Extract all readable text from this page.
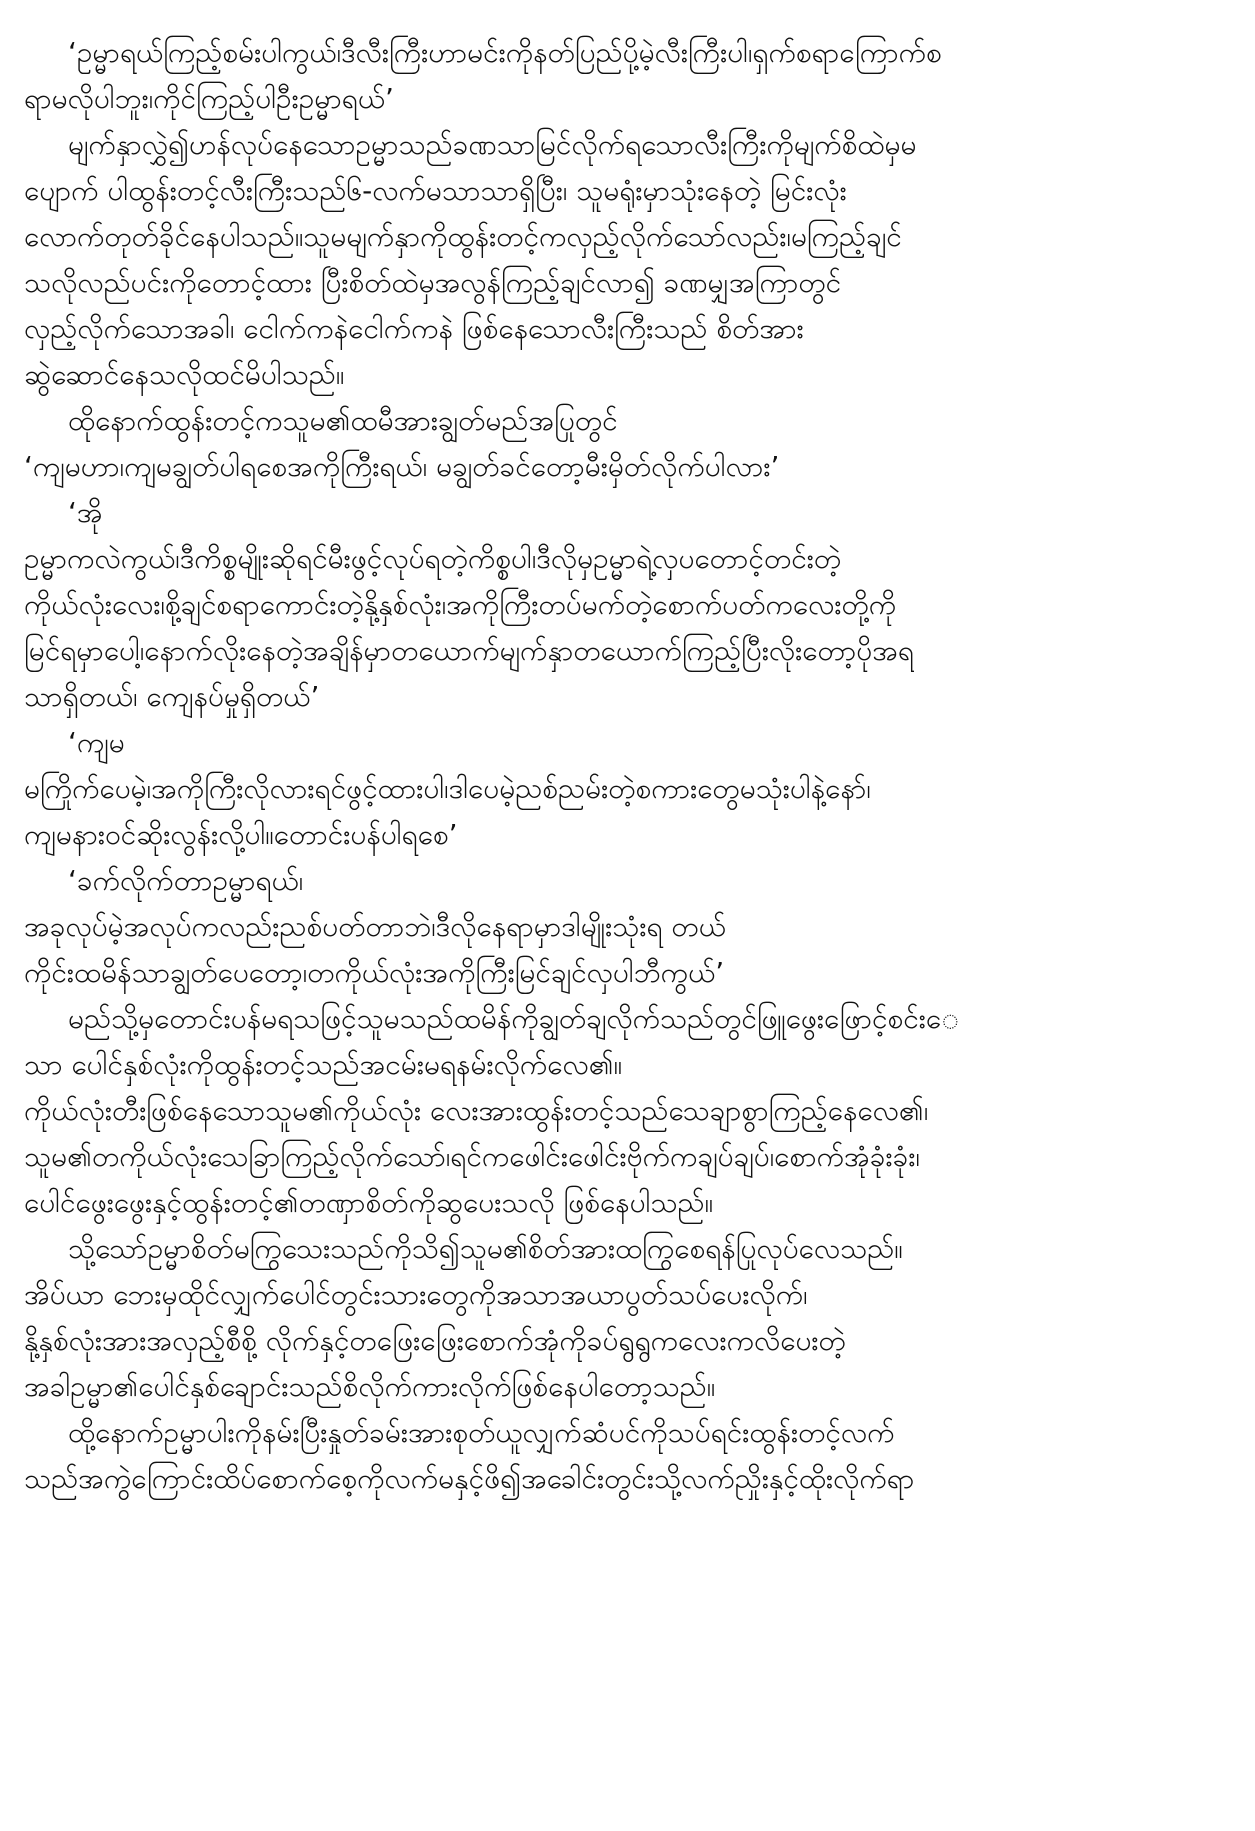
‘ဥမ္မာရယ်ကြည့်စမ်းပါကွယ်၊ဒီလီးကြီးဟာမင်းကိုနတ်ပြည်ပို့မဲ့လီးကြီးပါ၊ရှက်စရာကြောက်စ
ရာမလိုပါဘူး၊ကိုင်ကြည့်ပါဦးဥမ္မာရယ်’
မျက်နှာလွှဲ၍ဟန်လုပ်နေသောဥမ္မာသည်ခဏသာမြင်လိုက်ရသောလီးကြီးကိုမျက်စိထဲမှမ
ပျောက် ပါထွန်းတင့်လီးကြီးသည်၆-လက်မသာသာရှိပြီး၊ သူမရုံးမှာသုံးနေတဲ့ မြင်းလုံး
လောက်တုတ်ခိုင်နေပါသည်။သူမမျက်နှာကိုထွန်းတင့်ကလှည့်လိုက်သော်လည်း၊မကြည့်ချင်
သလိုလည်ပင်းကိုတောင့်ထား ပြီးစိတ်ထဲမှအလွန်ကြည့်ချင်လာ၍ ခဏမျှအကြာတွင်
လှည့်လိုက်သောအခါ၊ ငေါက်ကနဲငေါက်ကနဲ ဖြစ်နေသောလီးကြီးသည် စိတ်အား
ဆွဲဆောင်နေသလိုထင်မိပါသည်။
ထိုနောက်ထွန်းတင့်ကသူမ၏ထမီအားချွတ်မည်အပြုတွင်
‘ကျမဟာ၊ကျမချွတ်ပါရစေအကိုကြီးရယ်၊ မချွတ်ခင်တော့မီးမှိတ်လိုက်ပါလား’
‘အို
ဥမ္မာကလဲကွယ်၊ဒီကိစ္စမျိုးဆိုရင်မီးဖွင့်လုပ်ရတဲ့ကိစ္စပါ၊ဒီလိုမှဥမ္မာရဲ့လှပတောင့်တင်းတဲ့
ကိုယ်လုံးလေး၊စို့ချင်စရာကောင်းတဲ့နို့နှစ်လုံး၊အကိုကြီးတပ်မက်တဲ့စောက်ပတ်ကလေးတို့ကို
မြင်ရမှာပေါ့၊နောက်လိုးနေတဲ့အချိန်မှာတယောက်မျက်နှာတယောက်ကြည့်ပြီးလိုးတော့ပိုအရ
သာရှိတယ်၊ ကျေနပ်မှုရှိတယ်’
‘ကျမ
မကြိုက်ပေမဲ့၊အကိုကြီးလိုလားရင်ဖွင့်ထားပါ၊ဒါပေမဲ့ညစ်ညမ်းတဲ့စကားတွေမသုံးပါနဲ့နော်၊
ကျမနားဝင်ဆိုးလွန်းလို့ပါ။တောင်းပန်ပါရစေ’
‘ခက်လိုက်တာဥမ္မာရယ်၊
အခုလုပ်မဲ့အလုပ်ကလည်းညစ်ပတ်တာဘဲ၊ဒီလိုနေရာမှာဒါမျိုးသုံးရ တယ်
ကိုင်းထမိန်သာချွတ်ပေတော့၊တကိုယ်လုံးအကိုကြီးမြင်ချင်လှပါဘီကွယ်’
မည်သို့မှတောင်းပန်မရသဖြင့်သူမသည်ထမိန်ကိုချွတ်ချလိုက်သည်တွင်ဖြူဖွေးဖြောင့်စင်းေ
သာ ပေါင်နှစ်လုံးကိုထွန်းတင့်သည်အငမ်းမရနမ်းလိုက်လေ၏။
ကိုယ်လုံးတီးဖြစ်နေသောသူမ၏ကိုယ်လုံး လေးအားထွန်းတင့်သည်သေချာစွာကြည့်နေလေ၏၊
သူမ၏တကိုယ်လုံးသေခြာကြည့်လိုက်သော်၊ရင်ကဖေါင်းဖေါင်းဗိုက်ကချပ်ချပ်၊စောက်အုံခုံးခုံး၊
ပေါင်ဖွေးဖွေးနှင့်ထွန်းတင့်၏တဏှာစိတ်ကိုဆွပေးသလို ဖြစ်နေပါသည်။
သို့သော်ဥမ္မာစိတ်မကြွသေးသည်ကိုသိ၍သူမ၏စိတ်အားထကြွစေရန်ပြုလုပ်လေသည်။
အိပ်ယာ ဘေးမှထိုင်လျှက်ပေါင်တွင်းသားတွေကိုအသာအယာပွတ်သပ်ပေးလိုက်၊
နို့နှစ်လုံးအားအလှည့်စီစို့ လိုက်နှင့်တဖြေးဖြေးစောက်အုံကိုခပ်ရွရွကလေးကလိပေးတဲ့
အခါဥမ္မာ၏ပေါင်နှစ်ချောင်းသည်စိလိုက်ကားလိုက်ဖြစ်နေပါတော့သည်။
ထို့နောက်ဥမ္မာပါးကိုနမ်းပြီးနှုတ်ခမ်းအားစုတ်ယူလျှက်ဆံပင်ကိုသပ်ရင်းထွန်းတင့်လက်
သည်အကွဲကြောင်းထိပ်စောက်စေ့ကိုလက်မနှင့်ဖိ၍အခေါင်းတွင်းသို့လက်ညှိုးနှင့်ထိုးလိုက်ရာ
